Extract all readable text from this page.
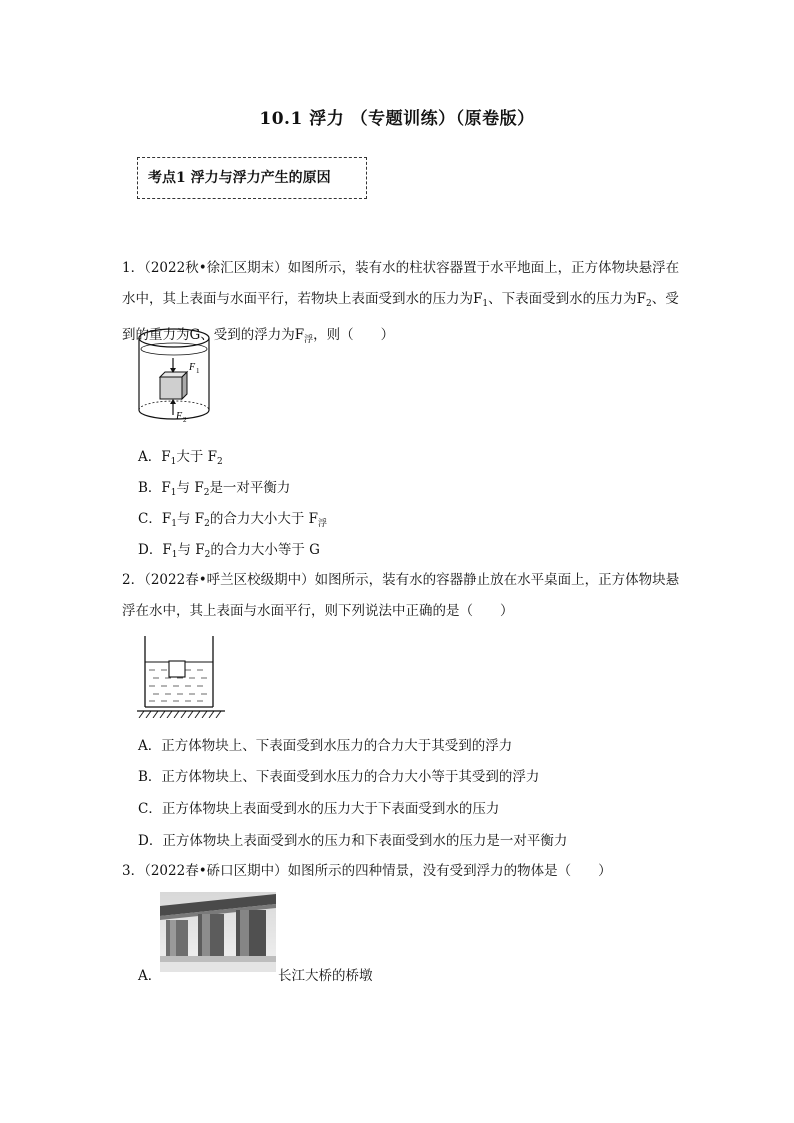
10.1 浮力 （专题训练）（原卷版）
考点1 浮力与浮力产生的原因
1．（2022秋•徐汇区期末）如图所示，装有水的柱状容器置于水平地面上，正方体物块悬浮在水中，其上表面与水面平行，若物块上表面受到水的压力为$F_1$、下表面受到水的压力为$F_2$、受到的重力为G、受到的浮力为$F_浮$，则（　　）
F 1
F 2
A．$F_1$大于 $F_2$
B．$F_1$与 $F_2$是一对平衡力
C．$F_1$与 $F_2$的合力大小大于 $F_浮$
D．$F_1$与 $F_2$的合力大小等于 G
2．（2022春•呼兰区校级期中）如图所示，装有水的容器静止放在水平桌面上，正方体物块悬浮在水中，其上表面与水面平行，则下列说法中正确的是（　　）
A．正方体物块上、下表面受到水压力的合力大于其受到的浮力
B．正方体物块上、下表面受到水压力的合力大小等于其受到的浮力
C．正方体物块上表面受到水的压力大于下表面受到水的压力
D．正方体物块上表面受到水的压力和下表面受到水的压力是一对平衡力
3．（2022春•硚口区期中）如图所示的四种情景，没有受到浮力的物体是（　　）
A．	长江大桥的桥墩
